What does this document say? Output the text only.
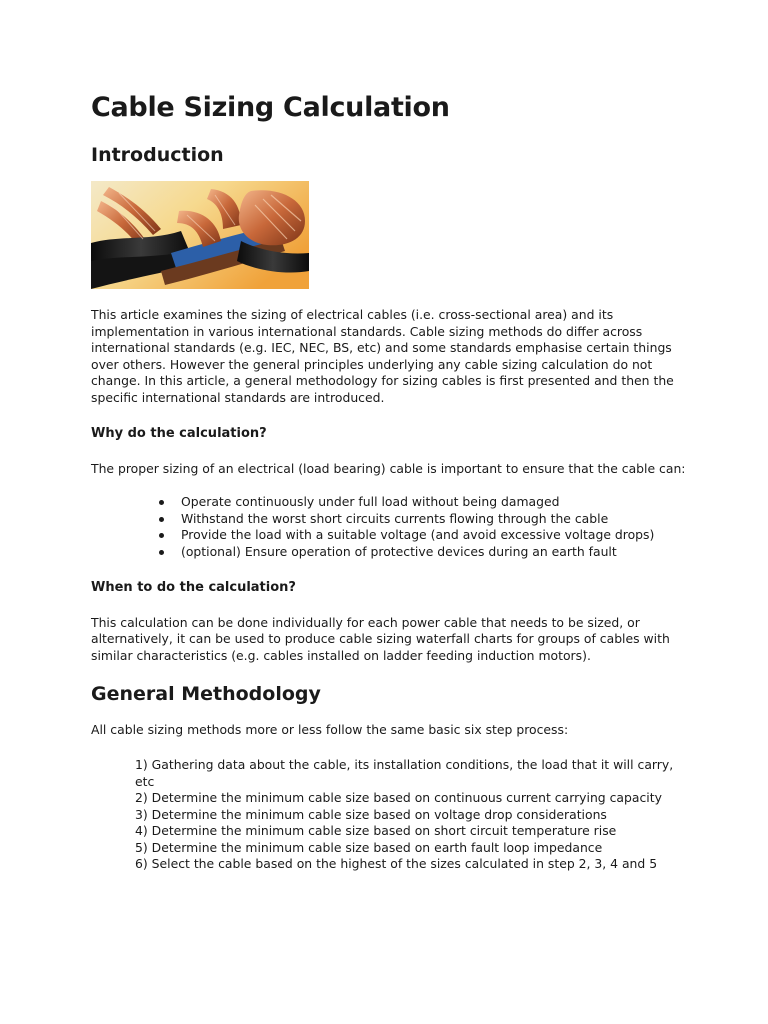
Cable Sizing Calculation
Introduction

This article examines the sizing of electrical cables (i.e. cross-sectional area) and its implementation in various international standards. Cable sizing methods do differ across international standards (e.g. IEC, NEC, BS, etc) and some standards emphasise certain things over others. However the general principles underlying any cable sizing calculation do not change. In this article, a general methodology for sizing cables is first presented and then the specific international standards are introduced.

Why do the calculation?

The proper sizing of an electrical (load bearing) cable is important to ensure that the cable can:

Operate continuously under full load without being damaged
Withstand the worst short circuits currents flowing through the cable
Provide the load with a suitable voltage (and avoid excessive voltage drops)
(optional) Ensure operation of protective devices during an earth fault
When to do the calculation?

This calculation can be done individually for each power cable that needs to be sized, or alternatively, it can be used to produce cable sizing waterfall charts for groups of cables with similar characteristics (e.g. cables installed on ladder feeding induction motors).

General Methodology

All cable sizing methods more or less follow the same basic six step process:

1) Gathering data about the cable, its installation conditions, the load that it will carry, etc

2) Determine the minimum cable size based on continuous current carrying capacity

3) Determine the minimum cable size based on voltage drop considerations

4) Determine the minimum cable size based on short circuit temperature rise

5) Determine the minimum cable size based on earth fault loop impedance

6) Select the cable based on the highest of the sizes calculated in step 2, 3, 4 and 5
